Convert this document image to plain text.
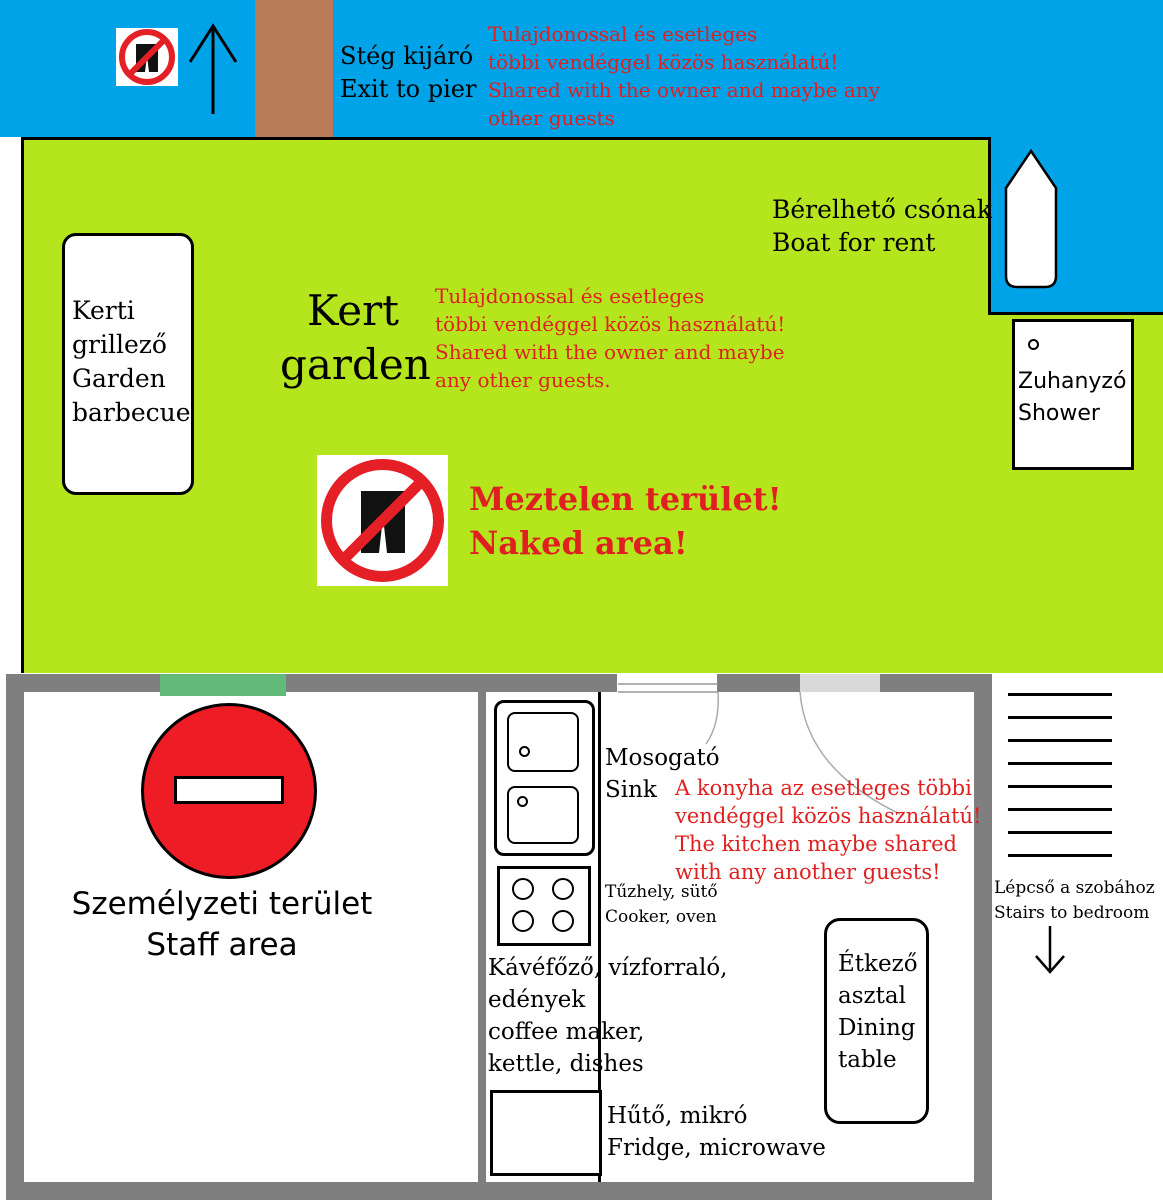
Stég kijáró
Exit to pier
Tulajdonossal és esetleges
többi vendéggel közös használatú!
Shared with the owner and maybe any
other guests
Bérelhető csónak
Boat for rent
Kerti
grillező
Garden
barbecue
Kert
garden
Tulajdonossal és esetleges
többi vendéggel közös használatú!
Shared with the owner and maybe
any other guests.
Meztelen terület!
Naked area!
Zuhanyzó
Shower
Személyzeti terület
Staff area
Mosogató
Sink A konyha az esetleges többi
vendéggel közös használatú!
The kitchen maybe shared
with any another guests!
Tűzhely, sütő
Cooker, oven
Kávéfőző, vízforraló,
edények
coffee maker,
kettle, dishes
Hűtő, mikró
Fridge, microwave
Étkező
asztal
Dining
table
Lépcső a szobához
Stairs to bedroom
